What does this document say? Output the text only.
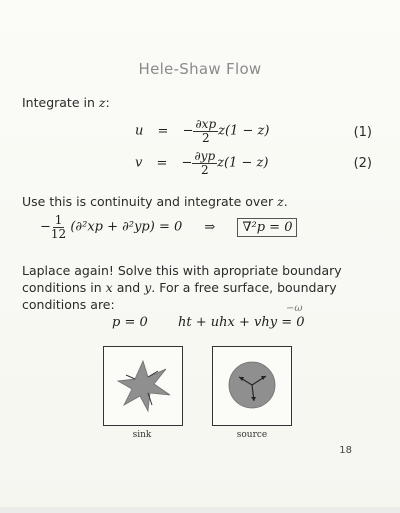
Hele-Shaw Flow
Integrate in z:
u = − $\frac{\partial xp}{2} z(1 - z)$	(1)
v = − $\frac{\partial yp}{2} z(1 - z)$	(2)
Use this is continuity and integrate over z.
− $\frac{1}{12} (\partial^2xp + \partial^2yp) = 0$ ⇒ ∇²p = 0
Laplace again! Solve this with apropriate boundary
conditions in x and y. For a free surface, boundary
conditions are:
p = 0 ht + uhx + vhy = 0
−ω
sink	source
18
